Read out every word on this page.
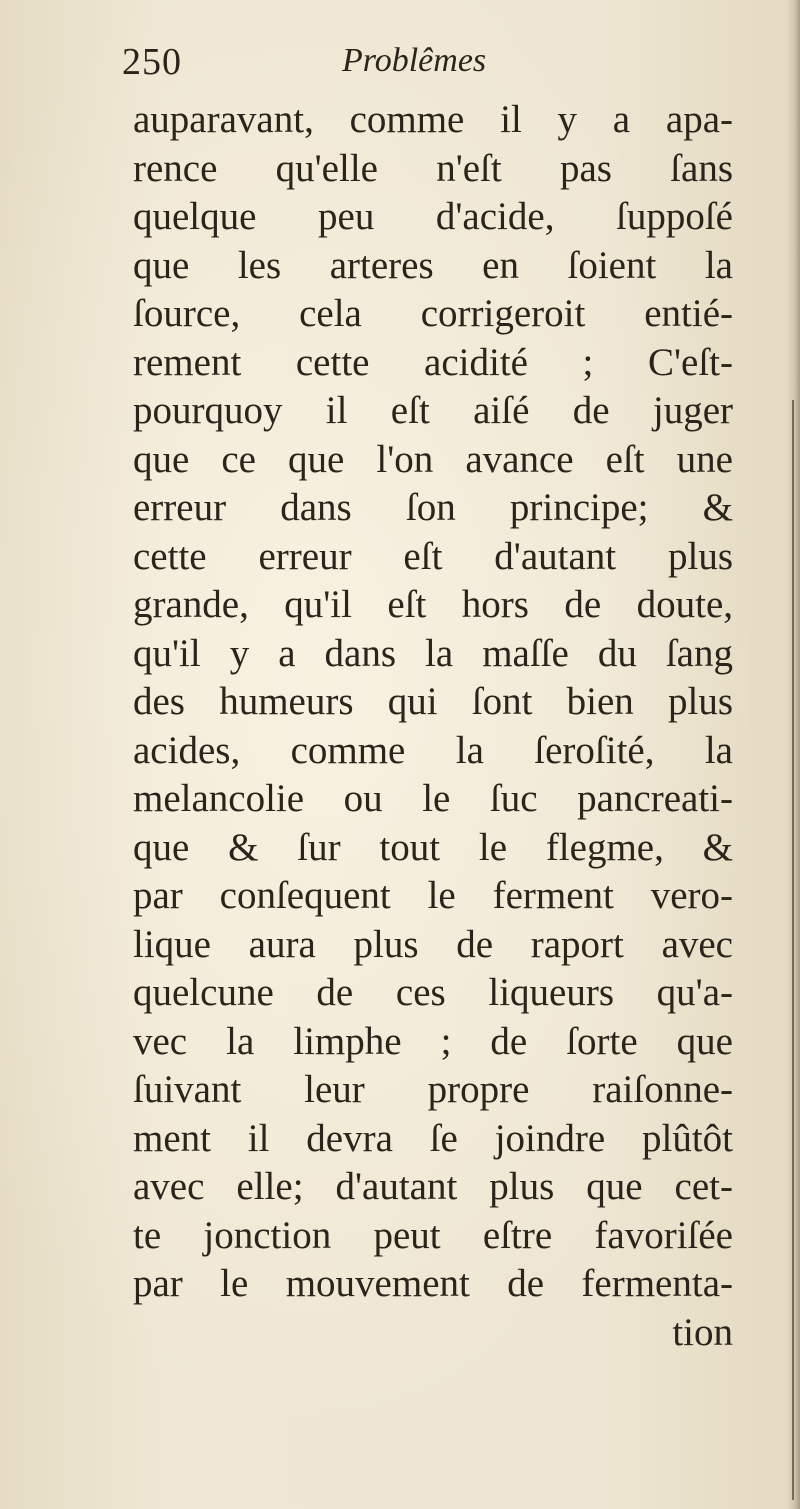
250	Problêmes
auparavant, comme il y a apa-
rence qu'elle n'eſt pas ſans
quelque peu d'acide, ſuppoſé
que les arteres en ſoient la
ſource, cela corrigeroit entié-
rement cette acidité ; C'eſt-
pourquoy il eſt aiſé de juger
que ce que l'on avance eſt une
erreur dans ſon principe; &
cette erreur eſt d'autant plus
grande, qu'il eſt hors de doute,
qu'il y a dans la maſſe du ſang
des humeurs qui ſont bien plus
acides, comme la ſeroſité, la
melancolie ou le ſuc pancreati-
que & ſur tout le flegme, &
par conſequent le ferment vero-
lique aura plus de raport avec
quelcune de ces liqueurs qu'a-
vec la limphe ; de ſorte que
ſuivant leur propre raiſonne-
ment il devra ſe joindre plûtôt
avec elle; d'autant plus que cet-
te jonction peut eſtre favoriſée
par le mouvement de fermenta-
tion
